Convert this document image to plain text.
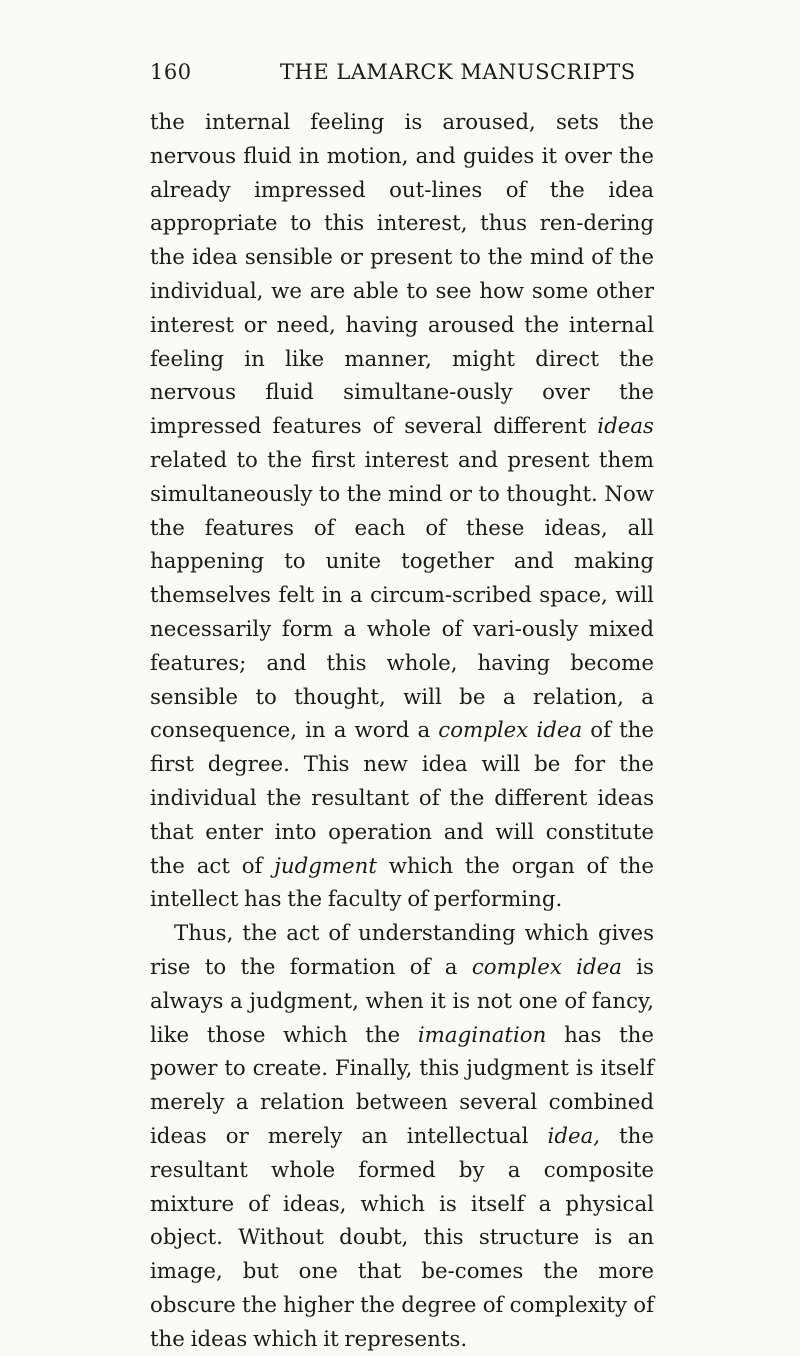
160	THE LAMARCK MANUSCRIPTS

the internal feeling is aroused, sets the nervous fluid in motion, and guides it over the already impressed out-lines of the idea appropriate to this interest, thus ren-dering the idea sensible or present to the mind of the individual, we are able to see how some other interest or need, having aroused the internal feeling in like manner, might direct the nervous fluid simultane-ously over the impressed features of several different ideas related to the first interest and present them simultaneously to the mind or to thought. Now the features of each of these ideas, all happening to unite together and making themselves felt in a circum-scribed space, will necessarily form a whole of vari-ously mixed features; and this whole, having become sensible to thought, will be a relation, a consequence, in a word a complex idea of the first degree. This new idea will be for the individual the resultant of the different ideas that enter into operation and will constitute the act of judgment which the organ of the intellect has the faculty of performing.

Thus, the act of understanding which gives rise to the formation of a complex idea is always a judgment, when it is not one of fancy, like those which the imagination has the power to create. Finally, this judgment is itself merely a relation between several combined ideas or merely an intellectual idea, the resultant whole formed by a composite mixture of ideas, which is itself a physical object. Without doubt, this structure is an image, but one that be-comes the more obscure the higher the degree of complexity of the ideas which it represents.
